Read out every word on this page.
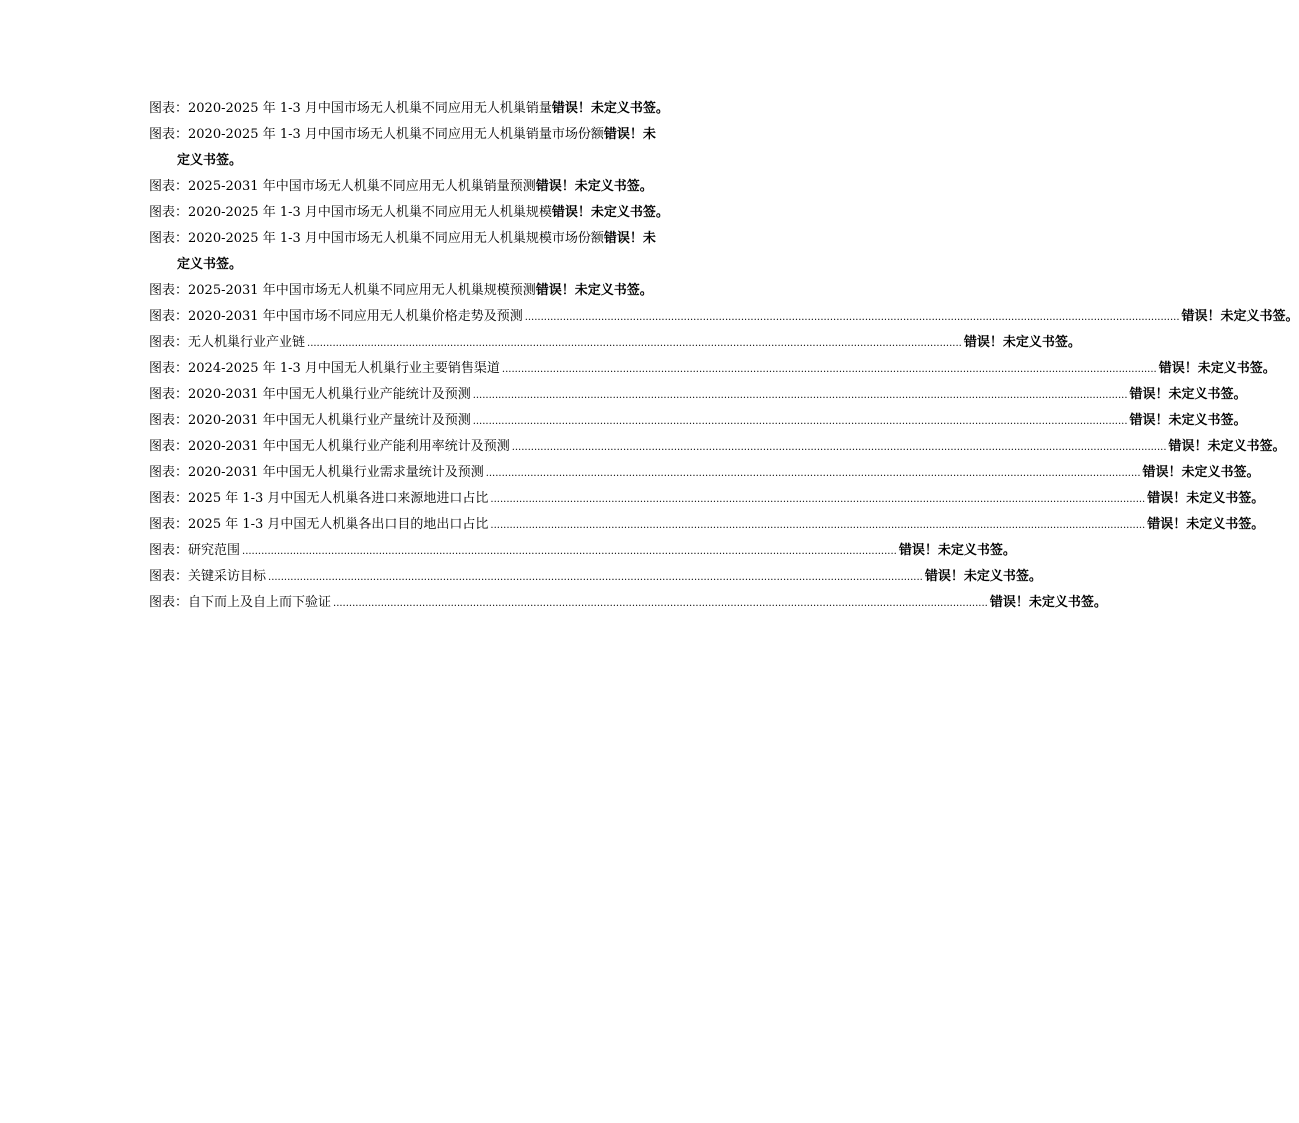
图表：2020-2025 年 1-3 月中国市场无人机巢不同应用无人机巢销量 错误！未定义书签。
图表：2020-2025 年 1-3 月中国市场无人机巢不同应用无人机巢销量市场份额 错误！未
定义书签。
图表：2025-2031 年中国市场无人机巢不同应用无人机巢销量预测 错误！未定义书签。
图表：2020-2025 年 1-3 月中国市场无人机巢不同应用无人机巢规模 错误！未定义书签。
图表：2020-2025 年 1-3 月中国市场无人机巢不同应用无人机巢规模市场份额 错误！未
定义书签。
图表：2025-2031 年中国市场无人机巢不同应用无人机巢规模预测 错误！未定义书签。
图表：2020-2031 年中国市场不同应用无人机巢价格走势及预测 .....	错误！未定义书签。
图表：无人机巢行业产业链 .....	错误！未定义书签。
图表：2024-2025 年 1-3 月中国无人机巢行业主要销售渠道 .....	错误！未定义书签。
图表：2020-2031 年中国无人机巢行业产能统计及预测 .....	错误！未定义书签。
图表：2020-2031 年中国无人机巢行业产量统计及预测 .....	错误！未定义书签。
图表：2020-2031 年中国无人机巢行业产能利用率统计及预测 .....	错误！未定义书签。
图表：2020-2031 年中国无人机巢行业需求量统计及预测 .....	错误！未定义书签。
图表：2025 年 1-3 月中国无人机巢各进口来源地进口占比 .....	错误！未定义书签。
图表：2025 年 1-3 月中国无人机巢各出口目的地出口占比 .....	错误！未定义书签。
图表：研究范围 .....	错误！未定义书签。
图表：关键采访目标 .....	错误！未定义书签。
图表：自下而上及自上而下验证 .....	错误！未定义书签。
